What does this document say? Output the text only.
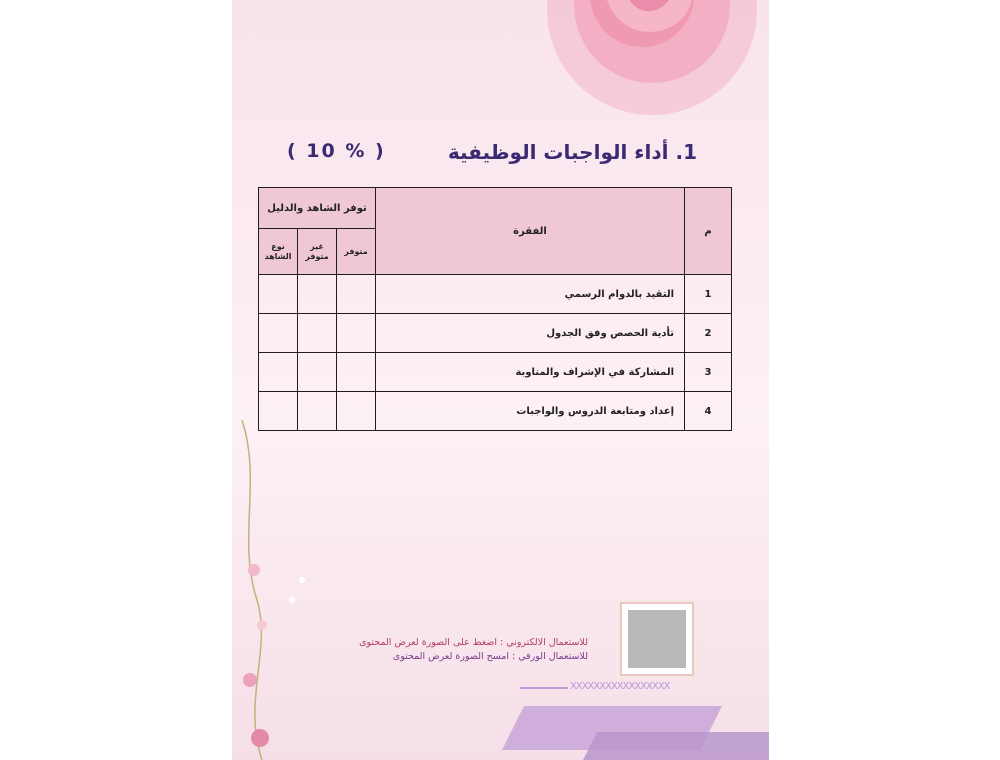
1. أداء الواجبات الوظيفية
( 10 % )
م	الفقرة	توفر الشاهد والدليل		
		متوفر	غير متوفر	نوع الشاهد
1	التقيد بالدوام الرسمي			
2	تأدية الحصص وفق الجدول			
3	المشاركة في الإشراف والمناوبة			
4	إعداد ومتابعة الدروس والواجبات			
للاستعمال الالكتروني : اضغط على الصورة لعرض المحتوى
للاستعمال الورقي : امسح الصورة لعرض المحتوى
XXXXXXXXXXXXXXXXX
